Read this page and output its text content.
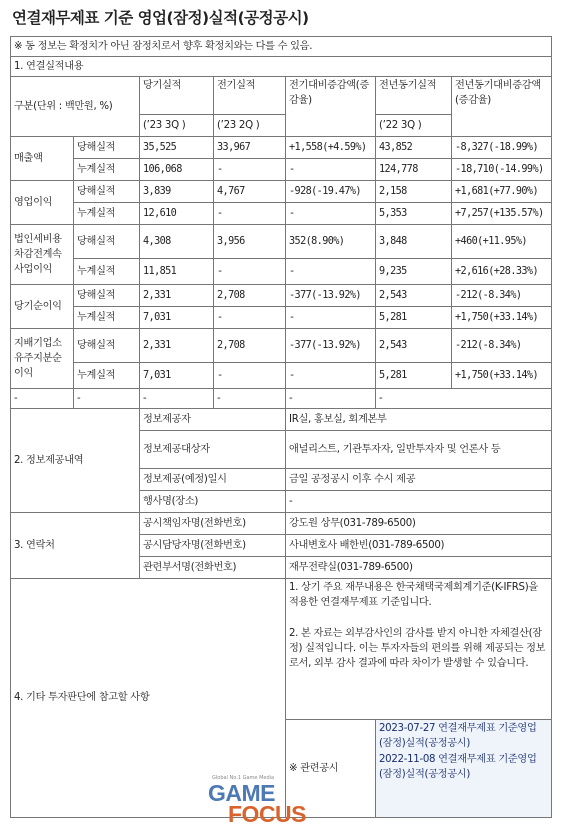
연결재무제표 기준 영업(잠정)실적(공정공시)
※ 동 정보는 확정치가 아닌 잠정치로서 향후 확정치와는 다를 수 있음.						
1. 연결실적내용						
구분(단위 : 백만원, %)		당기실적	전기실적	전기대비증감액(증감율)	전년동기실적	전년동기대비증감액(증감율)
		(’23 3Q )	(’23 2Q )		(’22 3Q )	
매출액	당해실적	35,525	33,967	+1,558(+4.59%)	43,852	-8,327(-18.99%)
	누계실적	106,068	-	-	124,778	-18,710(-14.99%)
영업이익	당해실적	3,839	4,767	-928(-19.47%)	2,158	+1,681(+77.90%)
	누계실적	12,610	-	-	5,353	+7,257(+135.57%)
법인세비용차감전계속사업이익	당해실적	4,308	3,956	352(8.90%)	3,848	+460(+11.95%)
	누계실적	11,851	-	-	9,235	+2,616(+28.33%)
당기순이익	당해실적	2,331	2,708	-377(-13.92%)	2,543	-212(-8.34%)
	누계실적	7,031	-	-	5,281	+1,750(+33.14%)
지배기업소유주지분순이익	당해실적	2,331	2,708	-377(-13.92%)	2,543	-212(-8.34%)
	누계실적	7,031	-	-	5,281	+1,750(+33.14%)
-	-	-	-	-	-	
2. 정보제공내역		정보제공자		IR실, 홍보실, 회계본부		
		정보제공대상자		애널리스트, 기관투자자, 일반투자자 및 언론사 등		
		정보제공(예정)일시		금일 공정공시 이후 수시 제공		
		행사명(장소)		-		
3. 연락처		공시책임자명(전화번호)		강도원 상무(031-789-6500)		
		공시담당자명(전화번호)		사내변호사 배한빈(031-789-6500)		
		관련부서명(전화번호)		재무전략실(031-789-6500)		
4. 기타 투자판단에 참고할 사항				1. 상기 주요 재무내용은 한국채택국제회계기준(K-IFRS)을 적용한 연결재무제표 기준입니다.
2. 본 자료는 외부감사인의 감사를 받지 아니한 자체결산(잠정) 실적입니다. 이는 투자자들의 편의를 위해 제공되는 정보로서, 외부 감사 결과에 따라 차이가 발생할 수 있습니다.		

				※ 관련공시	2023-07-27 연결재무제표 기준영업(잠정)실적(공정공시)
2022-11-08 연결재무제표 기준영업(잠정)실적(공정공시)	
Global No.1 Game Media
GAME
FOCUS
